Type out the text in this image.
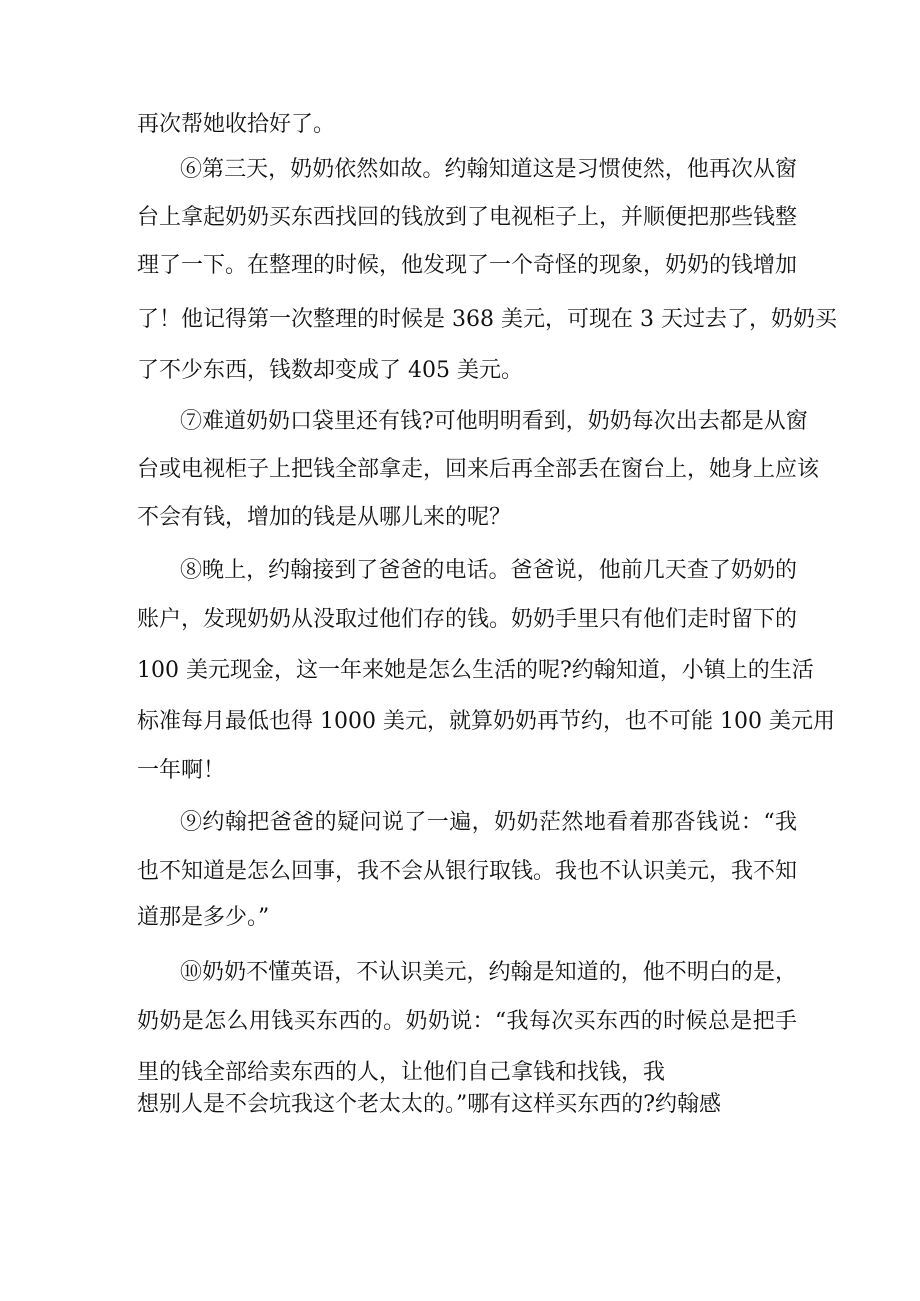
再次帮她收拾好了。
⑥第三天，奶奶依然如故。约翰知道这是习惯使然，他再次从窗
台上拿起奶奶买东西找回的钱放到了电视柜子上，并顺便把那些钱整
理了一下。在整理的时候，他发现了一个奇怪的现象，奶奶的钱增加
了！他记得第一次整理的时候是 368 美元，可现在 3 天过去了，奶奶买
了不少东西，钱数却变成了 405 美元。
⑦难道奶奶口袋里还有钱?可他明明看到，奶奶每次出去都是从窗
台或电视柜子上把钱全部拿走，回来后再全部丢在窗台上，她身上应该
不会有钱，增加的钱是从哪儿来的呢？
⑧晚上，约翰接到了爸爸的电话。爸爸说，他前几天查了奶奶的
账户，发现奶奶从没取过他们存的钱。奶奶手里只有他们走时留下的
100 美元现金，这一年来她是怎么生活的呢?约翰知道，小镇上的生活
标准每月最低也得 1000 美元，就算奶奶再节约，也不可能 100 美元用
一年啊！
⑨约翰把爸爸的疑问说了一遍，奶奶茫然地看着那沓钱说：“我
也不知道是怎么回事，我不会从银行取钱。我也不认识美元，我不知
道那是多少。”
⑩奶奶不懂英语，不认识美元，约翰是知道的，他不明白的是，
奶奶是怎么用钱买东西的。奶奶说：“我每次买东西的时候总是把手
里的钱全部给卖东西的人，让他们自己拿钱和找钱，我
想别人是不会坑我这个老太太的。”哪有这样买东西的?约翰感
